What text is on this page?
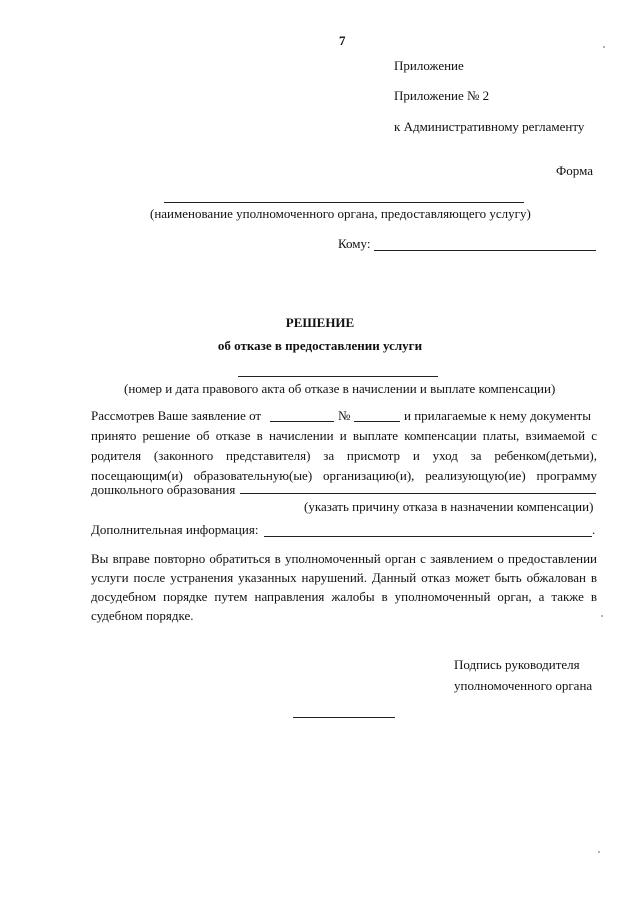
7
Приложение
Приложение № 2
к Административному регламенту
Форма
(наименование уполномоченного органа, предоставляющего услугу)
Кому:
РЕШЕНИЕ
об отказе в предоставлении услуги
(номер и дата правового акта об отказе в начислении и выплате компенсации)
Рассмотрев Ваше заявление от	№	и прилагаемые к нему документы
принято решение об отказе в начислении и выплате компенсации платы, взимаемой с
родителя (законного представителя) за присмотр и уход за ребенком(детьми),
посещающим(и) образовательную(ые) организацию(и), реализующую(ие) программу
дошкольного образования
(указать причину отказа в назначении компенсации)
Дополнительная информация:	.
Вы вправе повторно обратиться в уполномоченный орган с заявлением о предоставлении
услуги после устранения указанных нарушений. Данный отказ может быть обжалован в
досудебном порядке путем направления жалобы в уполномоченный орган, а также в
судебном порядке.
Подпись руководителя
уполномоченного органа
